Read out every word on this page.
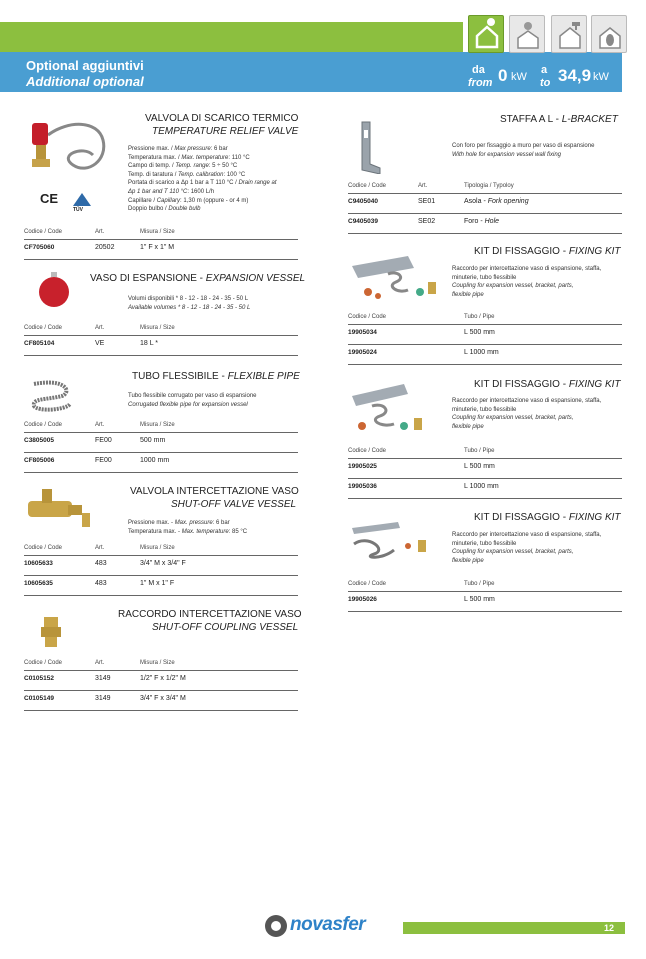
Optional aggiuntivi
Additional optional
da
from 0 kW
a
to 34,9 kW
CE
TÜV
VALVOLA DI SCARICO TERMICO
TEMPERATURE RELIEF VALVE
Pressione max. / Max pressure: 6 bar
Temperatura max. / Max. temperature: 110 °C
Campo di temp. / Temp. range: 5 ÷ 50 °C
Temp. di taratura / Temp. calibration: 100 °C
Portata di scarico a Δp 1 bar a T 110 °C / Drain range at
Δp 1 bar and T 110 °C: 1600 L/h
Capillare / Capillary: 1,30 m (oppure - or 4 m)
Doppio bulbo / Double bulb
Codice / Code	Art.	Misura / Size
CF705060	20502	1" F x 1" M
VASO DI ESPANSIONE - EXPANSION VESSEL
Volumi disponibili * 8 - 12 - 18 - 24 - 35 - 50 L
Available volumes * 8 - 12 - 18 - 24 - 35 - 50 L
Codice / Code	Art.	Misura / Size
CF805104	VE	18 L *
TUBO FLESSIBILE - FLEXIBLE PIPE
Tubo flessibile corrugato per vaso di espansione
Corrugated flexible pipe for expansion vessel
Codice / Code	Art.	Misura / Size
C3805005	FE00	500 mm
CF805006	FE00	1000 mm
VALVOLA INTERCETTAZIONE VASO
SHUT-OFF VALVE VESSEL
Pressione max. - Max. pressure: 6 bar
Temperatura max. - Max. temperature: 85 °C
Codice / Code	Art.	Misura / Size
10605633	483	3/4" M x 3/4" F
10605635	483	1" M x 1" F
RACCORDO INTERCETTAZIONE VASO
SHUT-OFF COUPLING VESSEL
Codice / Code	Art.	Misura / Size
C0105152	3149	1/2" F x 1/2" M
C0105149	3149	3/4" F x 3/4" M
STAFFA A L - L-BRACKET
Con foro per fissaggio a muro per vaso di espansione
With hole for expansion vessel wall fixing
Codice / Code	Art.	Tipologia / Typoloy
C9405040	SE01	Asola - Fork opening
C9405039	SE02	Foro - Hole
KIT DI FISSAGGIO - FIXING KIT
Raccordo per intercettazione vaso di espansione, staffa,
minuterie, tubo flessibile
Coupling for expansion vessel, bracket, parts,
flexible pipe
Codice / Code	Tubo / Pipe
19905034	L 500 mm
19905024	L 1000 mm
KIT DI FISSAGGIO - FIXING KIT
Raccordo per intercettazione vaso di espansione, staffa,
minuterie, tubo flessibile
Coupling for expansion vessel, bracket, parts,
flexible pipe
Codice / Code	Tubo / Pipe
19905025	L 500 mm
19905036	L 1000 mm
KIT DI FISSAGGIO - FIXING KIT
Raccordo per intercettazione vaso di espansione, staffa,
minuterie, tubo flessibile
Coupling for expansion vessel, bracket, parts,
flexible pipe
Codice / Code	Tubo / Pipe
19905026	L 500 mm
novasfer	12
